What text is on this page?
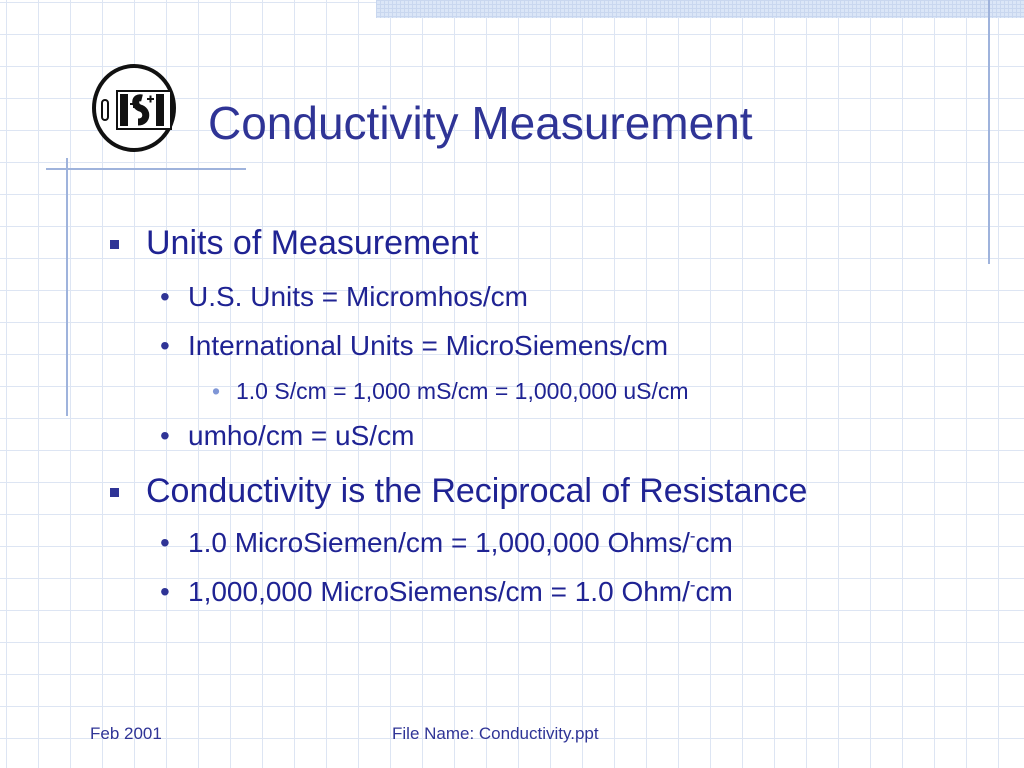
Conductivity Measurement
Units of Measurement
• U.S. Units = Micromhos/cm
• International Units = MicroSiemens/cm
• 1.0 S/cm = 1,000 mS/cm = 1,000,000 uS/cm
• umho/cm = uS/cm
Conductivity is the Reciprocal of Resistance
• 1.0 MicroSiemen/cm = 1,000,000 Ohms/-cm
• 1,000,000 MicroSiemens/cm = 1.0 Ohm/-cm
Feb 2001	File Name: Conductivity.ppt
